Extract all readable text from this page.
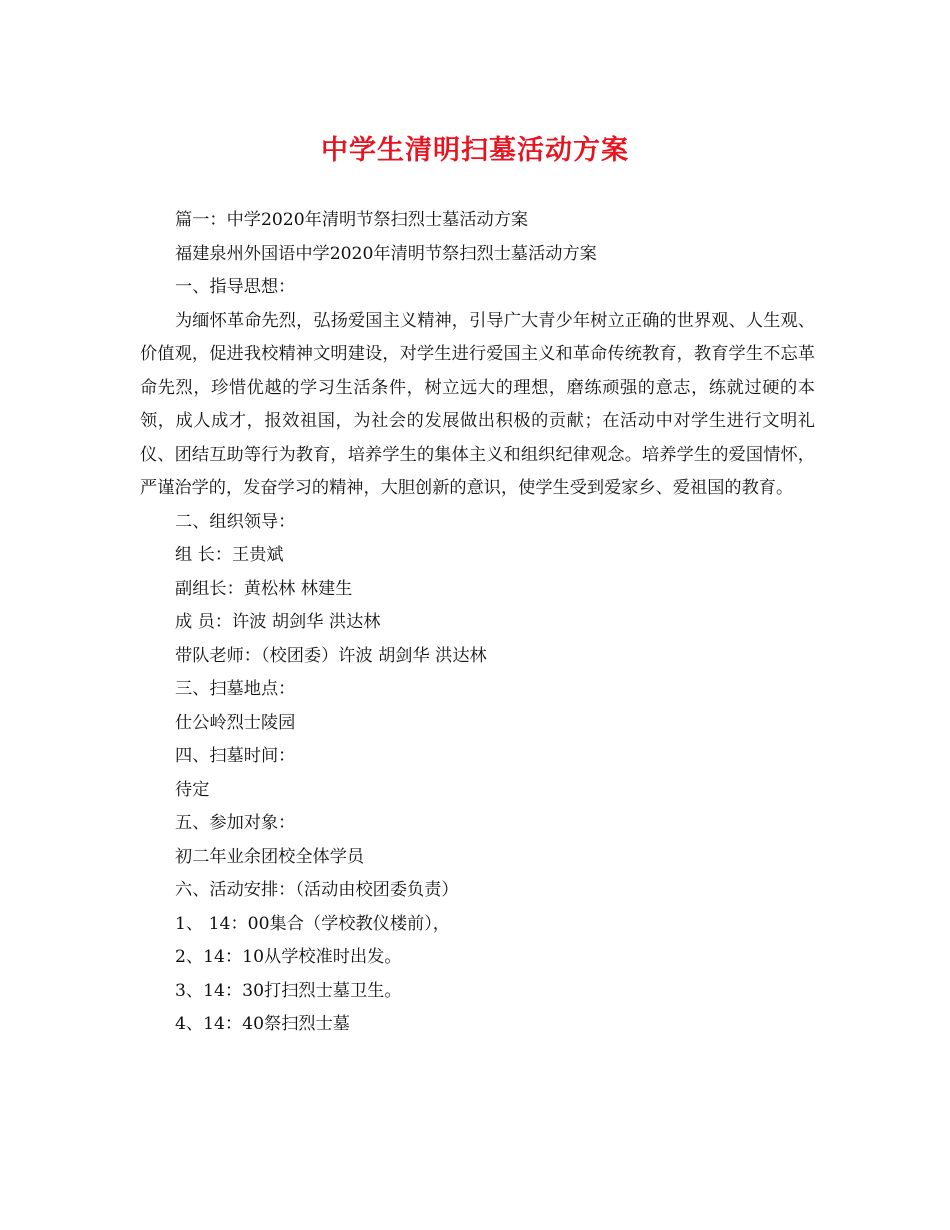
中学生清明扫墓活动方案

篇一：中学2020年清明节祭扫烈士墓活动方案

福建泉州外国语中学2020年清明节祭扫烈士墓活动方案

一、指导思想：

为缅怀革命先烈，弘扬爱国主义精神，引导广大青少年树立正确的世界观、人生观、价值观，促进我校精神文明建设，对学生进行爱国主义和革命传统教育，教育学生不忘革命先烈，珍惜优越的学习生活条件，树立远大的理想，磨练顽强的意志，练就过硬的本领，成人成才，报效祖国，为社会的发展做出积极的贡献；在活动中对学生进行文明礼仪、团结互助等行为教育，培养学生的集体主义和组织纪律观念。培养学生的爱国情怀，严谨治学的，发奋学习的精神，大胆创新的意识，使学生受到爱家乡、爱祖国的教育。

二、组织领导：

组 长：王贵斌

副组长：黄松林 林建生

成 员：许波 胡剑华 洪达林

带队老师：（校团委）许波 胡剑华 洪达林

三、扫墓地点：

仕公岭烈士陵园

四、扫墓时间：

待定

五、参加对象：

初二年业余团校全体学员

六、活动安排：（活动由校团委负责）

1、 14：00集合（学校教仪楼前），

2、14：10从学校准时出发。

3、14：30打扫烈士墓卫生。

4、14：40祭扫烈士墓
